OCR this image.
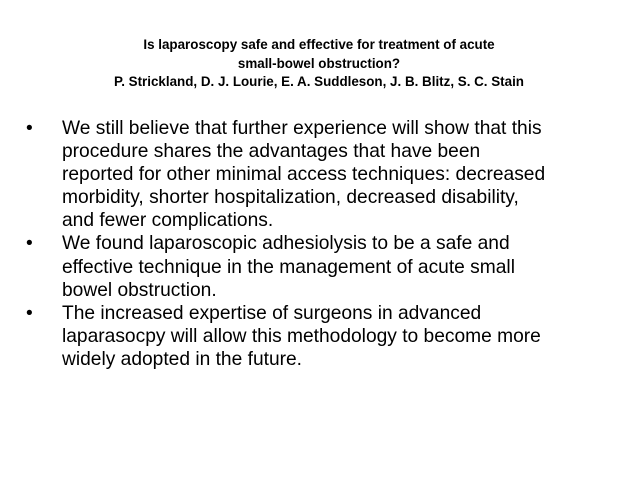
Is laparoscopy safe and effective for treatment of acute
small-bowel obstruction?
P. Strickland, D. J. Lourie, E. A. Suddleson, J. B. Blitz, S. C. Stain
• We still believe that further experience will show that this
procedure shares the advantages that have been
reported for other minimal access techniques: decreased
morbidity, shorter hospitalization, decreased disability,
and fewer complications.
• We found laparoscopic adhesiolysis to be a safe and
effective technique in the management of acute small
bowel obstruction.
• The increased expertise of surgeons in advanced
laparasocpy will allow this methodology to become more
widely adopted in the future.
